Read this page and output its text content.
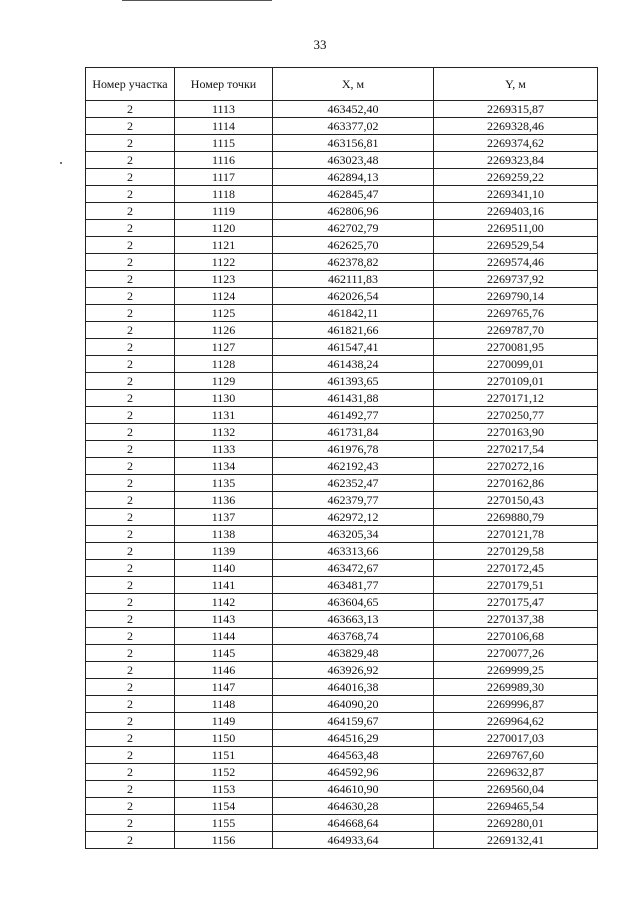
33
Номер участка	Номер точки	X, м	Y, м
2	1113	463452,40	2269315,87
2	1114	463377,02	2269328,46
2	1115	463156,81	2269374,62
2	1116	463023,48	2269323,84
2	1117	462894,13	2269259,22
2	1118	462845,47	2269341,10
2	1119	462806,96	2269403,16
2	1120	462702,79	2269511,00
2	1121	462625,70	2269529,54
2	1122	462378,82	2269574,46
2	1123	462111,83	2269737,92
2	1124	462026,54	2269790,14
2	1125	461842,11	2269765,76
2	1126	461821,66	2269787,70
2	1127	461547,41	2270081,95
2	1128	461438,24	2270099,01
2	1129	461393,65	2270109,01
2	1130	461431,88	2270171,12
2	1131	461492,77	2270250,77
2	1132	461731,84	2270163,90
2	1133	461976,78	2270217,54
2	1134	462192,43	2270272,16
2	1135	462352,47	2270162,86
2	1136	462379,77	2270150,43
2	1137	462972,12	2269880,79
2	1138	463205,34	2270121,78
2	1139	463313,66	2270129,58
2	1140	463472,67	2270172,45
2	1141	463481,77	2270179,51
2	1142	463604,65	2270175,47
2	1143	463663,13	2270137,38
2	1144	463768,74	2270106,68
2	1145	463829,48	2270077,26
2	1146	463926,92	2269999,25
2	1147	464016,38	2269989,30
2	1148	464090,20	2269996,87
2	1149	464159,67	2269964,62
2	1150	464516,29	2270017,03
2	1151	464563,48	2269767,60
2	1152	464592,96	2269632,87
2	1153	464610,90	2269560,04
2	1154	464630,28	2269465,54
2	1155	464668,64	2269280,01
2	1156	464933,64	2269132,41
